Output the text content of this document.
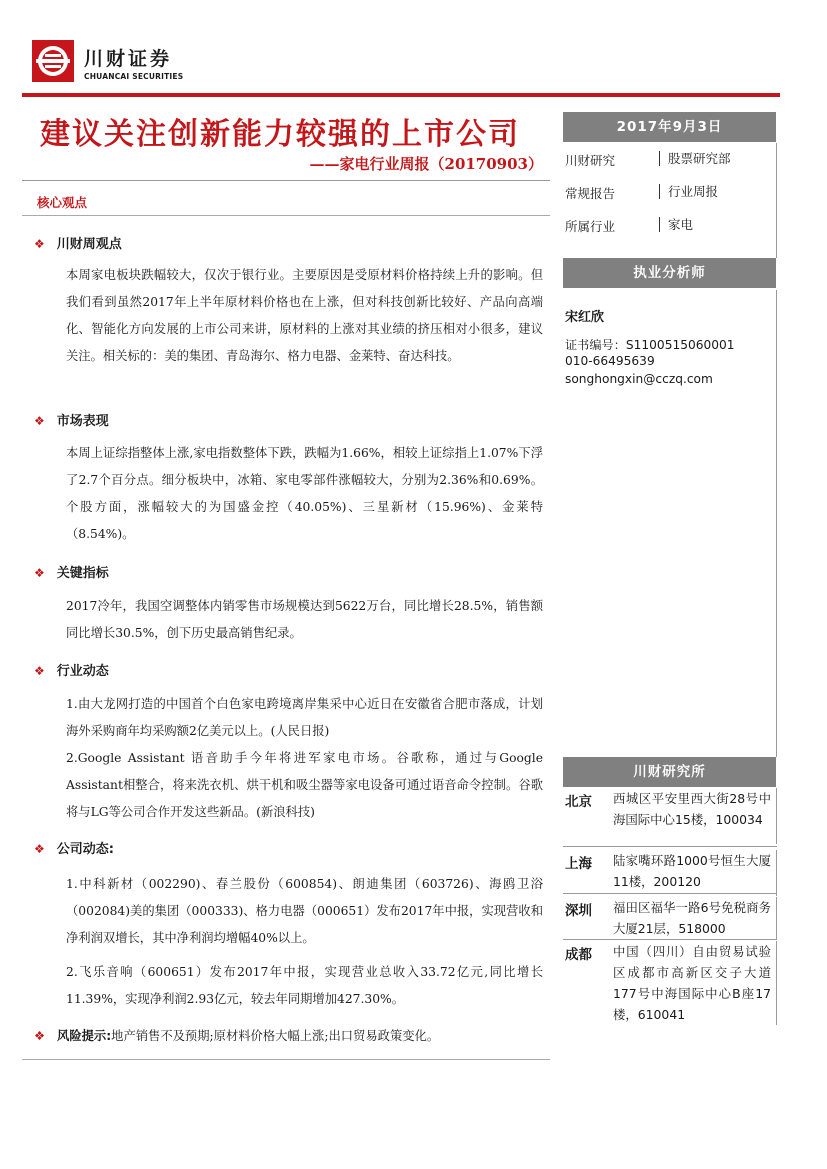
川财证券
CHUANCAI SECURITIES
建议关注创新能力较强的上市公司
——家电行业周报（20170903）
核心观点
❖ 川财周观点

本周家电板块跌幅较大，仅次于银行业。主要原因是受原材料价格持续上升的影响。但我们看到虽然2017年上半年原材料价格也在上涨，但对科技创新比较好、产品向高端化、智能化方向发展的上市公司来讲，原材料的上涨对其业绩的挤压相对小很多，建议关注。相关标的：美的集团、青岛海尔、格力电器、金莱特、奋达科技。

❖ 市场表现

本周上证综指整体上涨,家电指数整体下跌，跌幅为1.66%，相较上证综指上1.07%下浮了2.7个百分点。细分板块中，冰箱、家电零部件涨幅较大，分别为2.36%和0.69%。个股方面，涨幅较大的为国盛金控（40.05%)、三星新材（15.96%)、金莱特（8.54%)。

❖ 关键指标

2017冷年，我国空调整体内销零售市场规模达到5622万台，同比增长28.5%，销售额同比增长30.5%，创下历史最高销售纪录。

❖ 行业动态

1.由大龙网打造的中国首个白色家电跨境离岸集采中心近日在安徽省合肥市落成，计划海外采购商年均采购额2亿美元以上。(人民日报)

2.Google Assistant 语音助手今年将进军家电市场。谷歌称，通过与Google Assistant相整合，将来洗衣机、烘干机和吸尘器等家电设备可通过语音命令控制。谷歌将与LG等公司合作开发这些新品。(新浪科技)

❖ 公司动态:

1.中科新材（002290)、春兰股份（600854)、朗迪集团（603726)、海鸥卫浴（002084)美的集团（000333)、格力电器（000651）发布2017年中报，实现营收和净利润双增长，其中净利润均增幅40%以上。

2.飞乐音响（600651）发布2017年中报，实现营业总收入33.72亿元,同比增长11.39%，实现净利润2.93亿元，较去年同期增加427.30%。

❖ 风险提示:地产销售不及预期;原材料价格大幅上涨;出口贸易政策变化。
2017年9月3日
川财研究	股票研究部
常规报告	行业周报
所属行业	家电
执业分析师
宋红欣
证书编号：S1100515060001
010-66495639
songhongxin@cczq.com
川财研究所
北京 西城区平安里西大街28号中海国际中心15楼，100034
上海 陆家嘴环路1000号恒生大厦11楼，200120
深圳 福田区福华一路6号免税商务大厦21层，518000
成都 中国（四川）自由贸易试验区成都市高新区交子大道177号中海国际中心B座17楼，610041
